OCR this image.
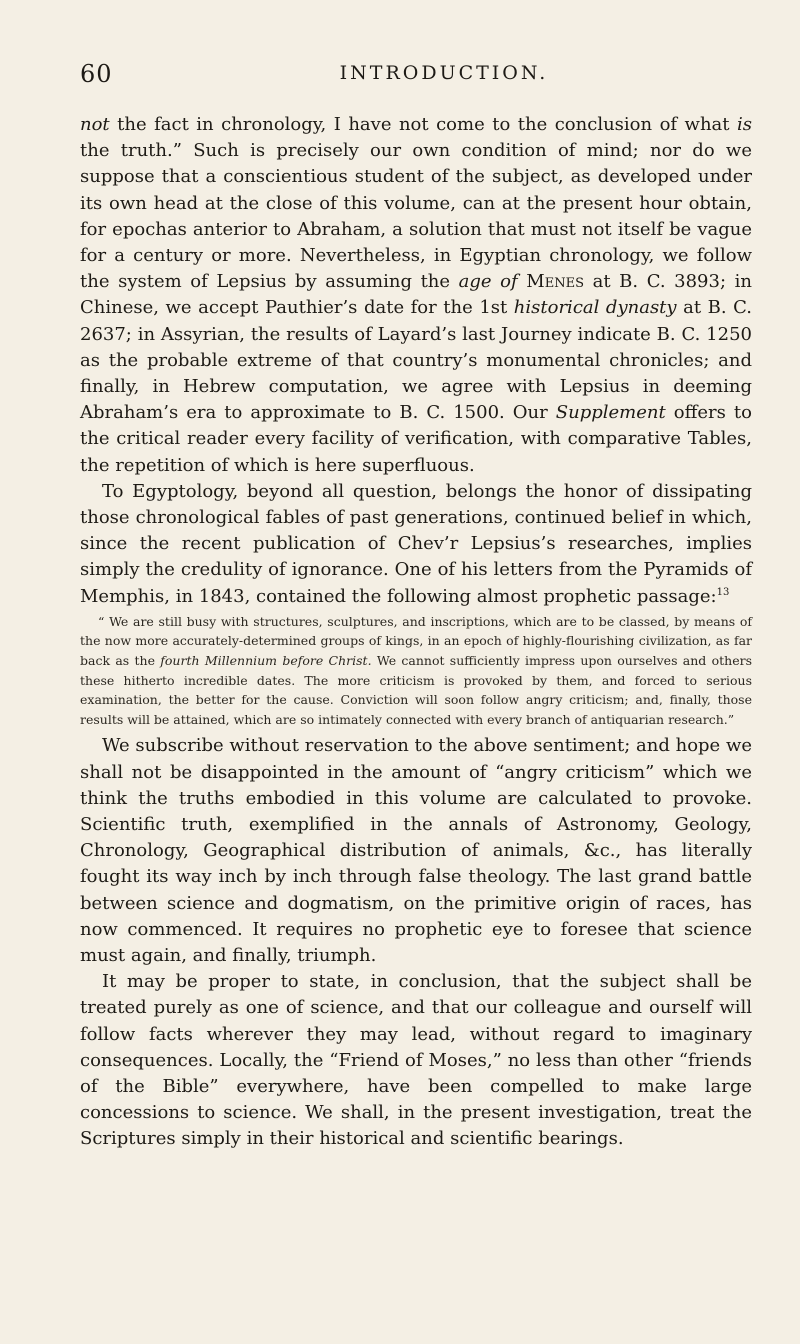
60	INTRODUCTION.

not the fact in chronology, I have not come to the conclusion of what is the truth.” Such is precisely our own condition of mind; nor do we suppose that a conscientious student of the subject, as developed under its own head at the close of this volume, can at the present hour obtain, for epochas anterior to Abraham, a solution that must not itself be vague for a century or more. Nevertheless, in Egyptian chronology, we follow the system of Lepsius by assuming the age of Menes at B. C. 3893; in Chinese, we accept Pauthier’s date for the 1st historical dynasty at B. C. 2637; in Assyrian, the results of Layard’s last Journey indicate B. C. 1250 as the probable extreme of that country’s monumental chronicles; and finally, in Hebrew computation, we agree with Lepsius in deeming Abraham’s era to approximate to B. C. 1500. Our Supplement offers to the critical reader every facility of verification, with comparative Tables, the repetition of which is here superfluous.

To Egyptology, beyond all question, belongs the honor of dissipating those chronological fables of past generations, continued belief in which, since the recent publication of Chev’r Lepsius’s researches, implies simply the credulity of ignorance. One of his letters from the Pyramids of Memphis, in 1843, contained the following almost prophetic passage:$^{13}$

“ We are still busy with structures, sculptures, and inscriptions, which are to be classed, by means of the now more accurately-determined groups of kings, in an epoch of highly-flourishing civilization, as far back as the fourth Millennium before Christ. We cannot sufficiently impress upon ourselves and others these hitherto incredible dates. The more criticism is provoked by them, and forced to serious examination, the better for the cause. Conviction will soon follow angry criticism; and, finally, those results will be attained, which are so intimately connected with every branch of antiquarian research.”

We subscribe without reservation to the above sentiment; and hope we shall not be disappointed in the amount of “angry criticism” which we think the truths embodied in this volume are calculated to provoke. Scientific truth, exemplified in the annals of Astronomy, Geology, Chronology, Geographical distribution of animals, &c., has literally fought its way inch by inch through false theology. The last grand battle between science and dogmatism, on the primitive origin of races, has now commenced. It requires no prophetic eye to foresee that science must again, and finally, triumph.

It may be proper to state, in conclusion, that the subject shall be treated purely as one of science, and that our colleague and ourself will follow facts wherever they may lead, without regard to imaginary consequences. Locally, the “Friend of Moses,” no less than other “friends of the Bible” everywhere, have been compelled to make large concessions to science. We shall, in the present investigation, treat the Scriptures simply in their historical and scientific bearings.
